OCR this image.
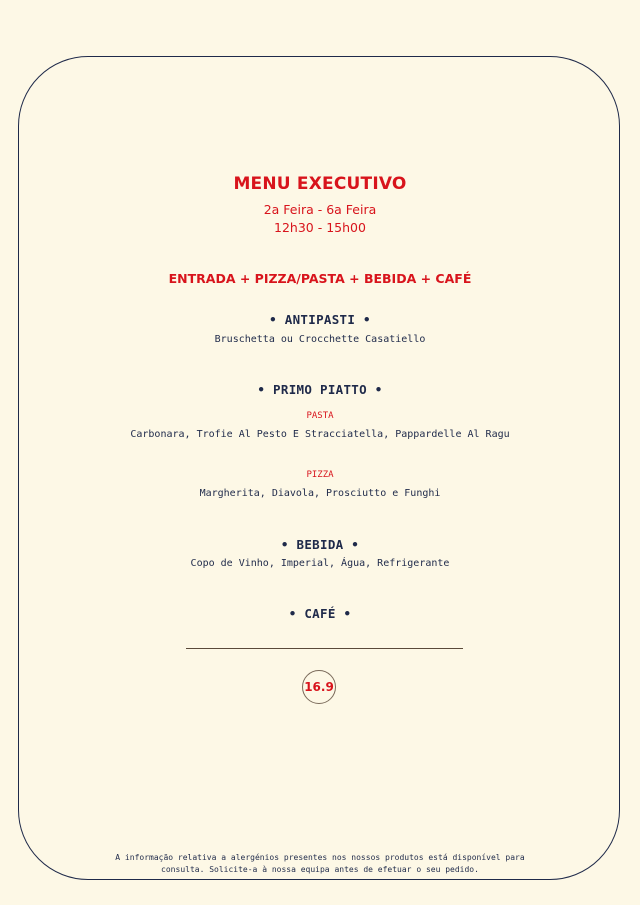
MENU EXECUTIVO
2a Feira - 6a Feira
12h30 - 15h00
ENTRADA + PIZZA/PASTA + BEBIDA + CAFÉ
• ANTIPASTI •
Bruschetta ou Crocchette Casatiello
• PRIMO PIATTO •
PASTA
Carbonara, Trofie Al Pesto E Stracciatella, Pappardelle Al Ragu
PIZZA
Margherita, Diavola, Prosciutto e Funghi
• BEBIDA •
Copo de Vinho, Imperial, Água, Refrigerante
• CAFÉ •
16.9
A informação relativa a alergénios presentes nos nossos produtos está disponível para
consulta. Solicite-a à nossa equipa antes de efetuar o seu pedido.
